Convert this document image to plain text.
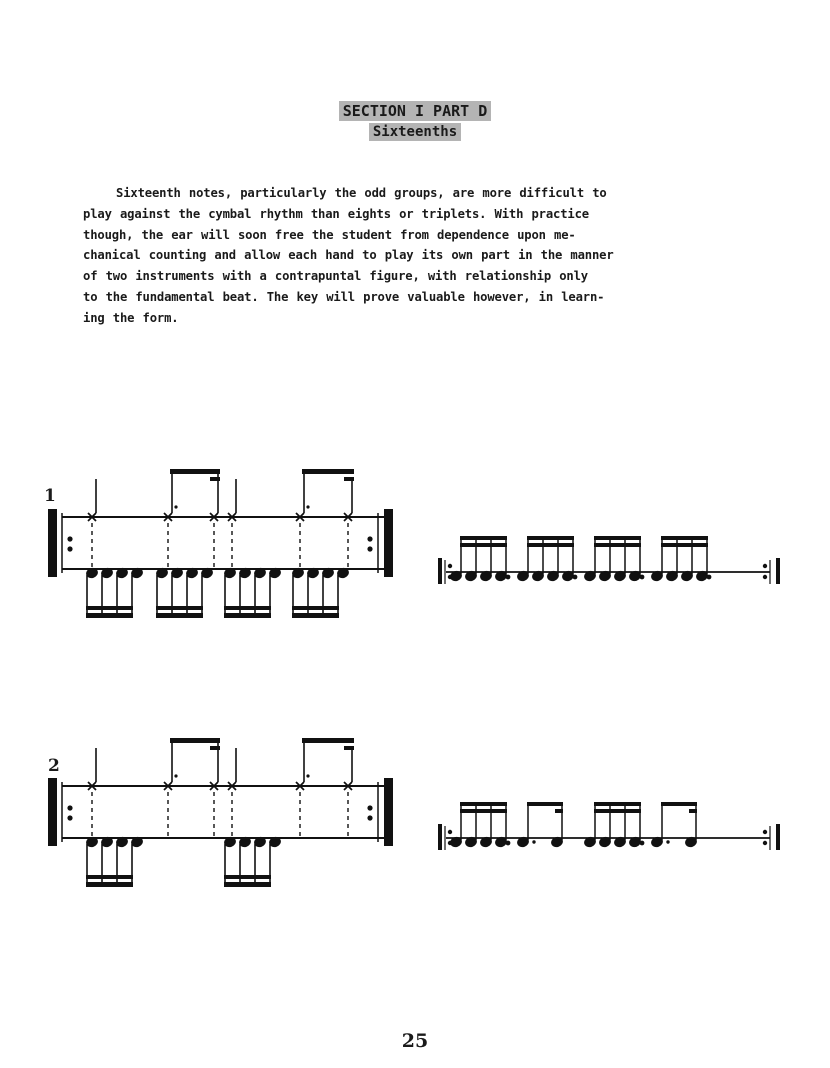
SECTION I PART D
Sixteenths
Sixteenth notes, particularly the odd groups, are more difficult to
play against the cymbal rhythm than eights or triplets. With practice
though, the ear will soon free the student from dependence upon me-
chanical counting and allow each hand to play its own part in the manner
of two instruments with a contrapuntal figure, with relationship only
to the fundamental beat. The key will prove valuable however, in learn-
ing the form.
1
2
25
